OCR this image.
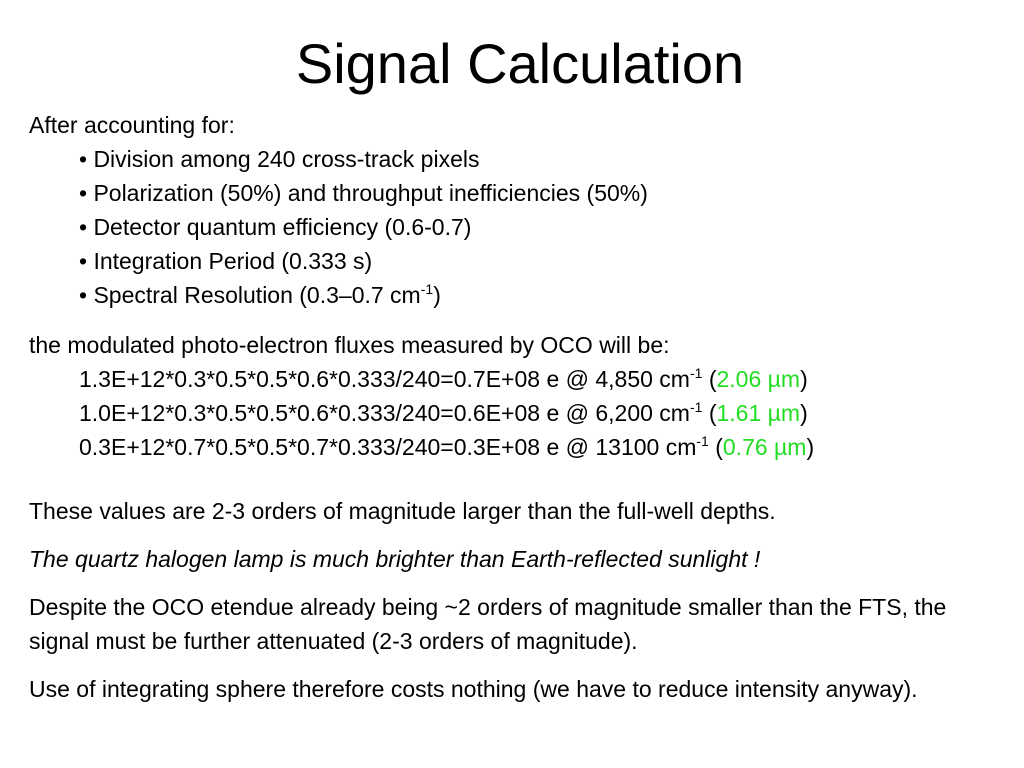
Signal Calculation
After accounting for:
• Division among 240 cross-track pixels
• Polarization (50%) and throughput inefficiencies (50%)
• Detector quantum efficiency (0.6-0.7)
• Integration Period (0.333 s)
• Spectral Resolution (0.3–0.7 $cm^{-1}$)
the modulated photo-electron fluxes measured by OCO will be:
1.3E+12*0.3*0.5*0.5*0.6*0.333/240=0.7E+08 e @ 4,850 $cm^{-1}$ (2.06 µm)
1.0E+12*0.3*0.5*0.5*0.6*0.333/240=0.6E+08 e @ 6,200 $cm^{-1}$ (1.61 µm)
0.3E+12*0.7*0.5*0.5*0.7*0.333/240=0.3E+08 e @ 13100 $cm^{-1}$ (0.76 µm)
These values are 2-3 orders of magnitude larger than the full-well depths.
The quartz halogen lamp is much brighter than Earth-reflected sunlight !
Despite the OCO etendue already being ~2 orders of magnitude smaller than the FTS, the signal must be further attenuated (2-3 orders of magnitude).
Use of integrating sphere therefore costs nothing (we have to reduce intensity anyway).
